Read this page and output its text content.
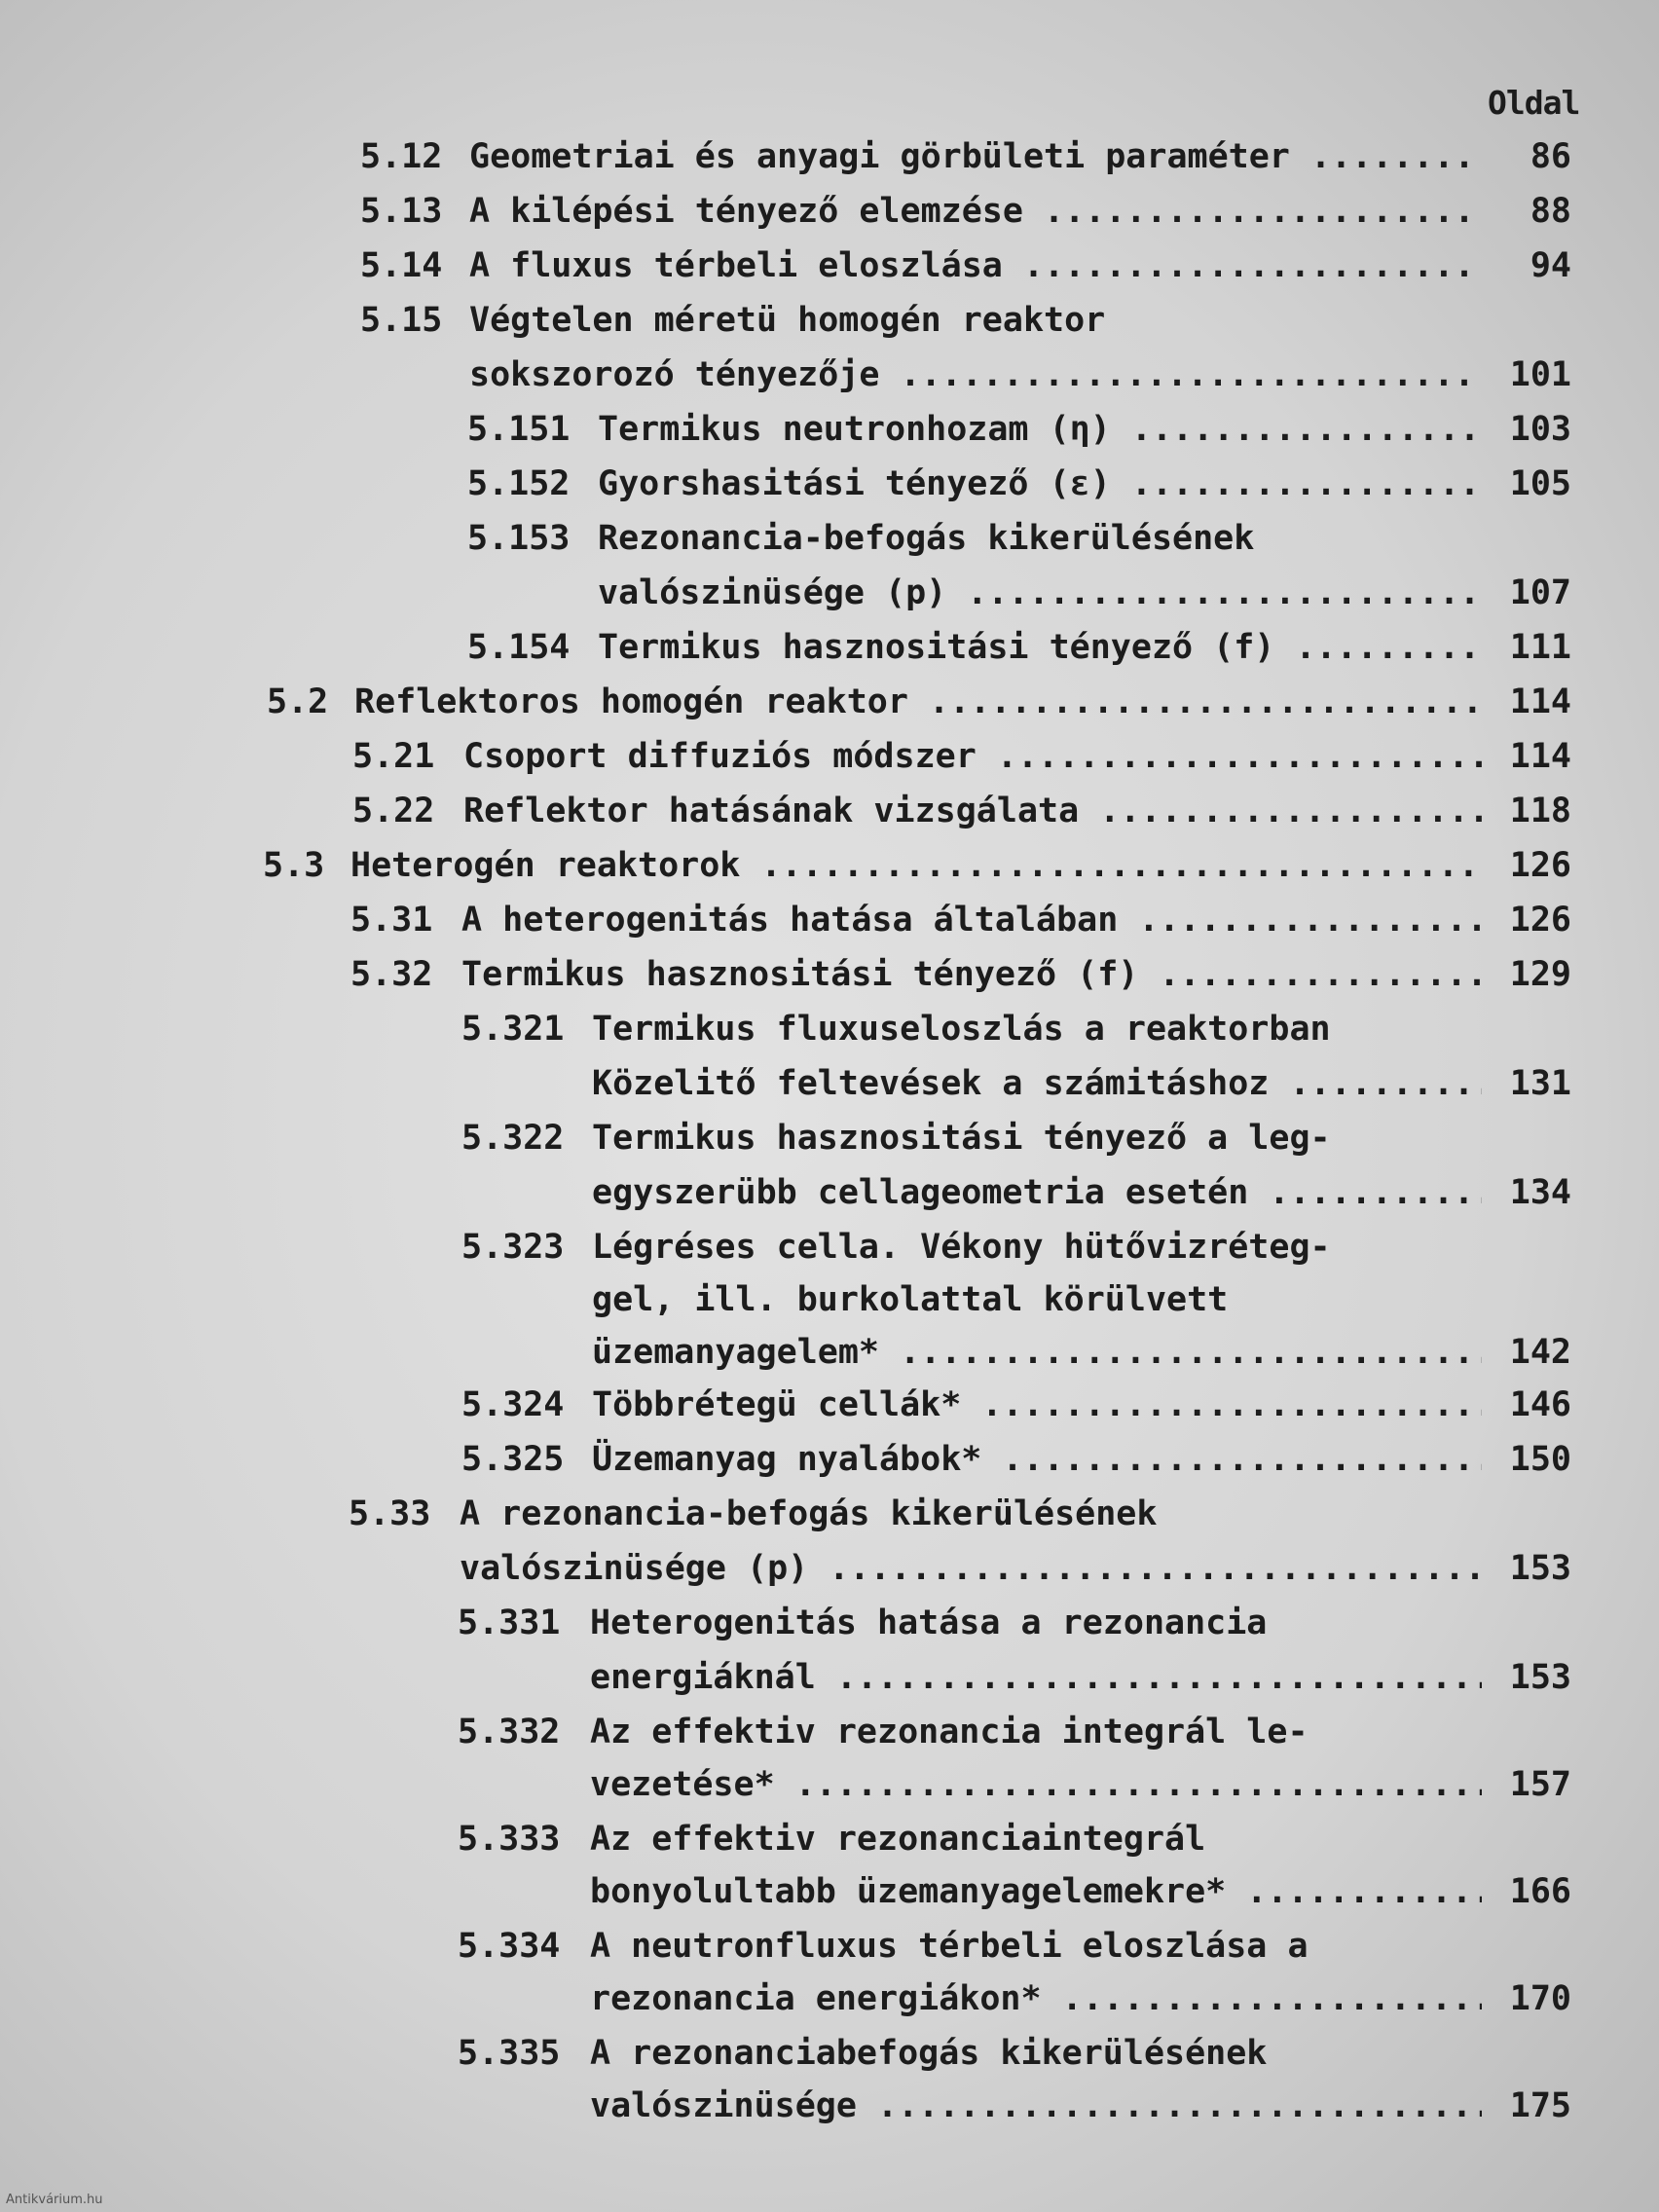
Oldal
5.12 Geometriai és anyagi görbületi paraméter .....	86
5.13 A kilépési tényező elemzése .....	88
5.14 A fluxus térbeli eloszlása .....	94
5.15 Végtelen méretü homogén reaktor
sokszorozó tényezője .....	101
5.151 Termikus neutronhozam (η) .....	103
5.152 Gyorshasitási tényező (ε) .....	105
5.153 Rezonancia-befogás kikerülésének
valószinüsége (p) .....	107
5.154 Termikus hasznositási tényező (f) .....	111
5.2 Reflektoros homogén reaktor .....	114
5.21 Csoport diffuziós módszer .....	114
5.22 Reflektor hatásának vizsgálata .....	118
5.3 Heterogén reaktorok .....	126
5.31 A heterogenitás hatása általában .....	126
5.32 Termikus hasznositási tényező (f) .....	129
5.321 Termikus fluxuseloszlás a reaktorban
Közelitő feltevések a számitáshoz .....	131
5.322 Termikus hasznositási tényező a leg-
egyszerübb cellageometria esetén .....	134
5.323 Légréses cella. Vékony hütővizréteg-
gel, ill. burkolattal körülvett
üzemanyagelem* .....	142
5.324 Többrétegü cellák* .....	146
5.325 Üzemanyag nyalábok* .....	150
5.33 A rezonancia-befogás kikerülésének
valószinüsége (p) .....	153
5.331 Heterogenitás hatása a rezonancia
energiáknál .....	153
5.332 Az effektiv rezonancia integrál le-
vezetése* .....	157
5.333 Az effektiv rezonanciaintegrál
bonyolultabb üzemanyagelemekre* .....	166
5.334 A neutronfluxus térbeli eloszlása a
rezonancia energiákon* .....	170
5.335 A rezonanciabefogás kikerülésének
valószinüsége .....	175
Antikvárium.hu
